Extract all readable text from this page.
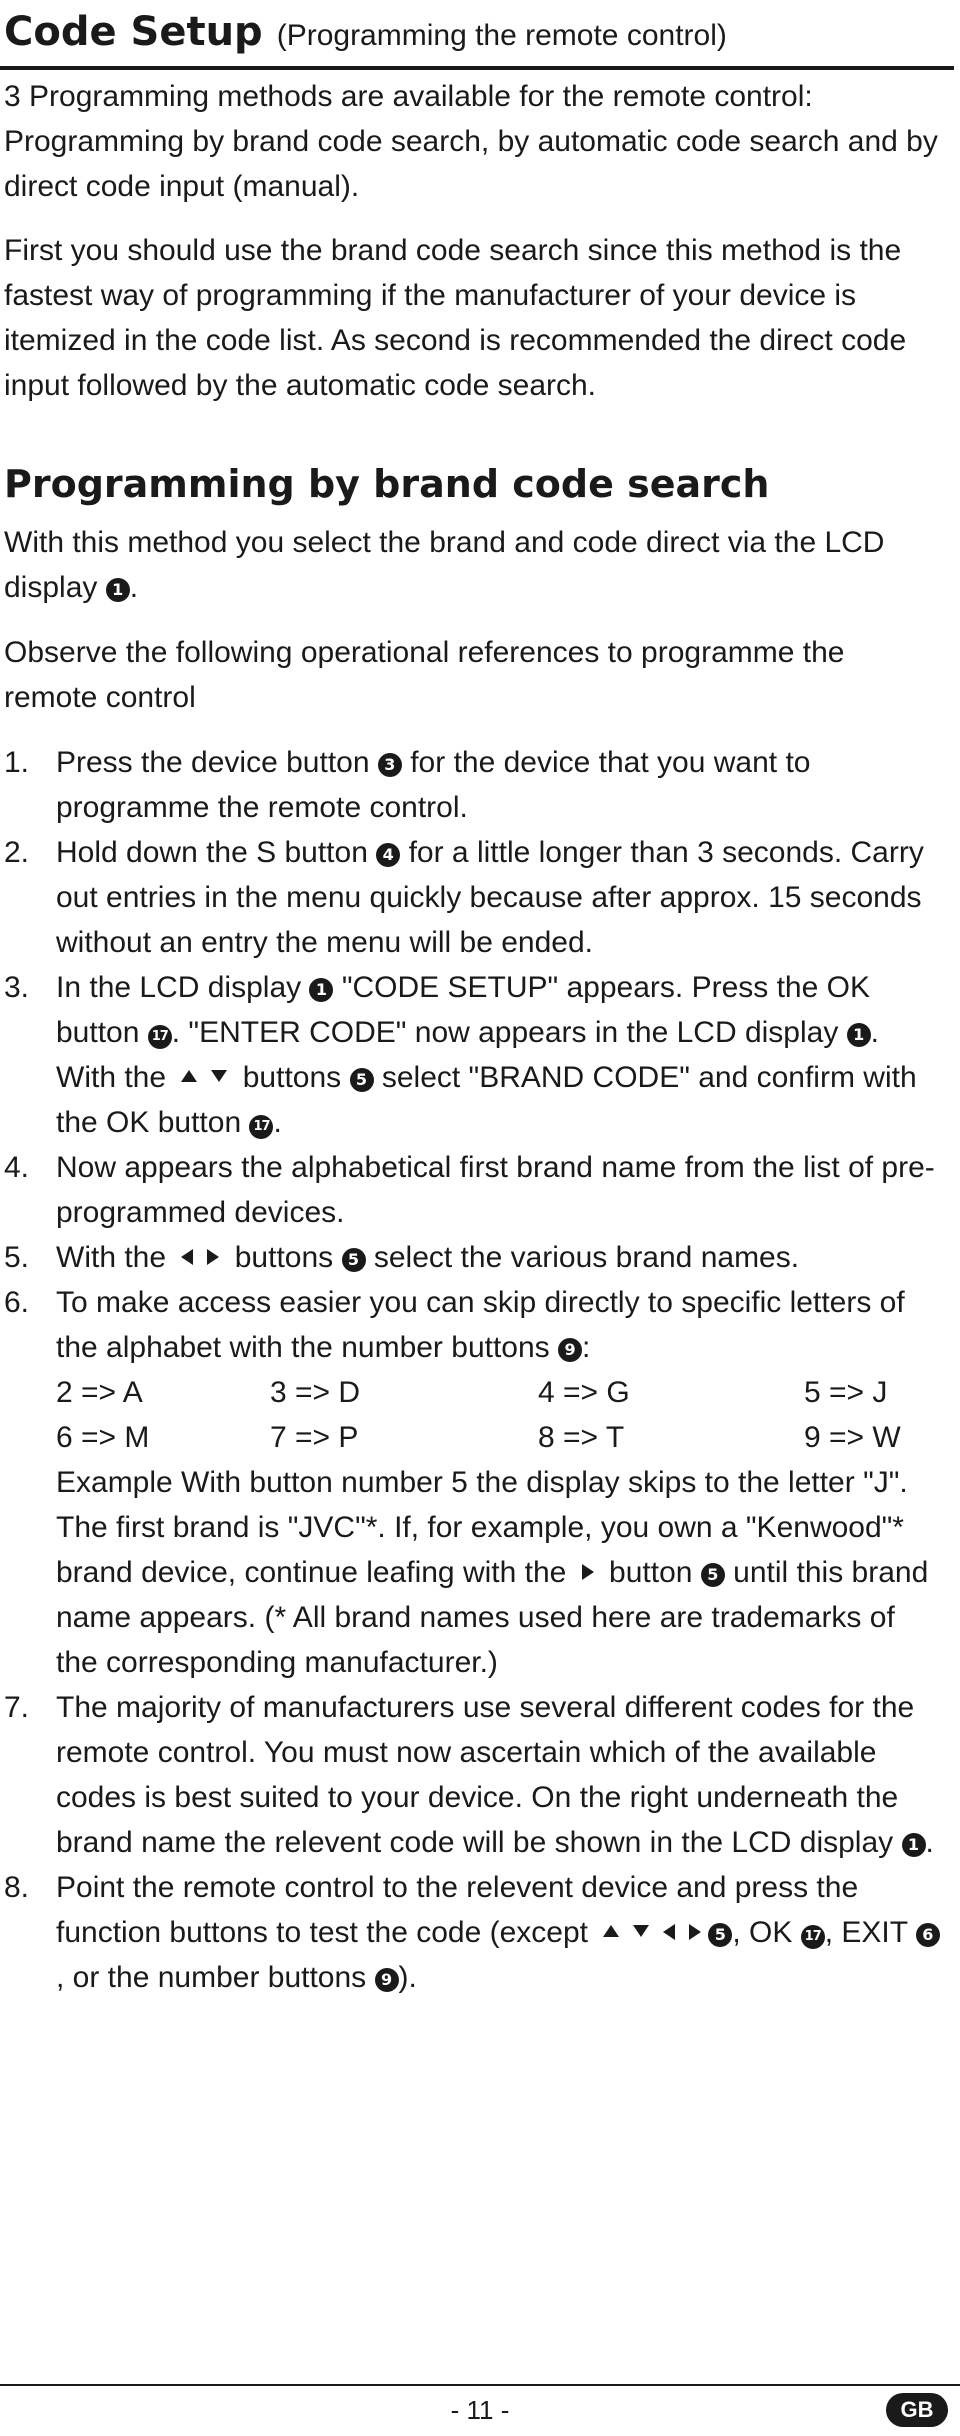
Code Setup (Programming the remote control)

3 Programming methods are available for the remote control: Programming by brand code search, by automatic code search and by direct code input (manual).

First you should use the brand code search since this method is the fastest way of programming if the manufacturer of your device is itemized in the code list. As second is recommended the direct code input followed by the automatic code search.

Programming by brand code search

With this method you select the brand and code direct via the LCD display 1 .

Observe the following operational references to programme the remote control

1. Press the device button 3 for the device that you want to programme the remote control.
2. Hold down the S button 4 for a little longer than 3 seconds. Carry out entries in the menu quickly because after approx. 15 seconds without an entry the menu will be ended.
3. In the LCD display 1 "CODE SETUP" appears. Press the OK button 17 . "ENTER CODE" now appears in the LCD display 1 . With the	buttons 5 select "BRAND CODE" and confirm with the OK button 17 .
4. Now appears the alphabetical first brand name from the list of pre-programmed devices.
5. With the buttons 5 select the various brand names.
6. To make access easier you can skip directly to specific letters of the alphabet with the number buttons 9 :
2 => A	3 => D	4 => G	5 => J
6 => M	7 => P	8 => T	9 => W
Example With button number 5 the display skips to the letter "J". The first brand is "JVC"*. If, for example, you own a "Kenwood"* brand device, continue leafing with the button 5 until this brand name appears. (* All brand names used here are trademarks of the corresponding manufacturer.)
7. The majority of manufacturers use several different codes for the remote control. You must now ascertain which of the available codes is best suited to your device. On the right underneath the brand name the relevent code will be shown in the LCD display 1 .
8. Point the remote control to the relevent device and press the function buttons to test the code (except	5 , OK 17 , EXIT 6, or the number buttons 9 ).
- 11 -	GB
